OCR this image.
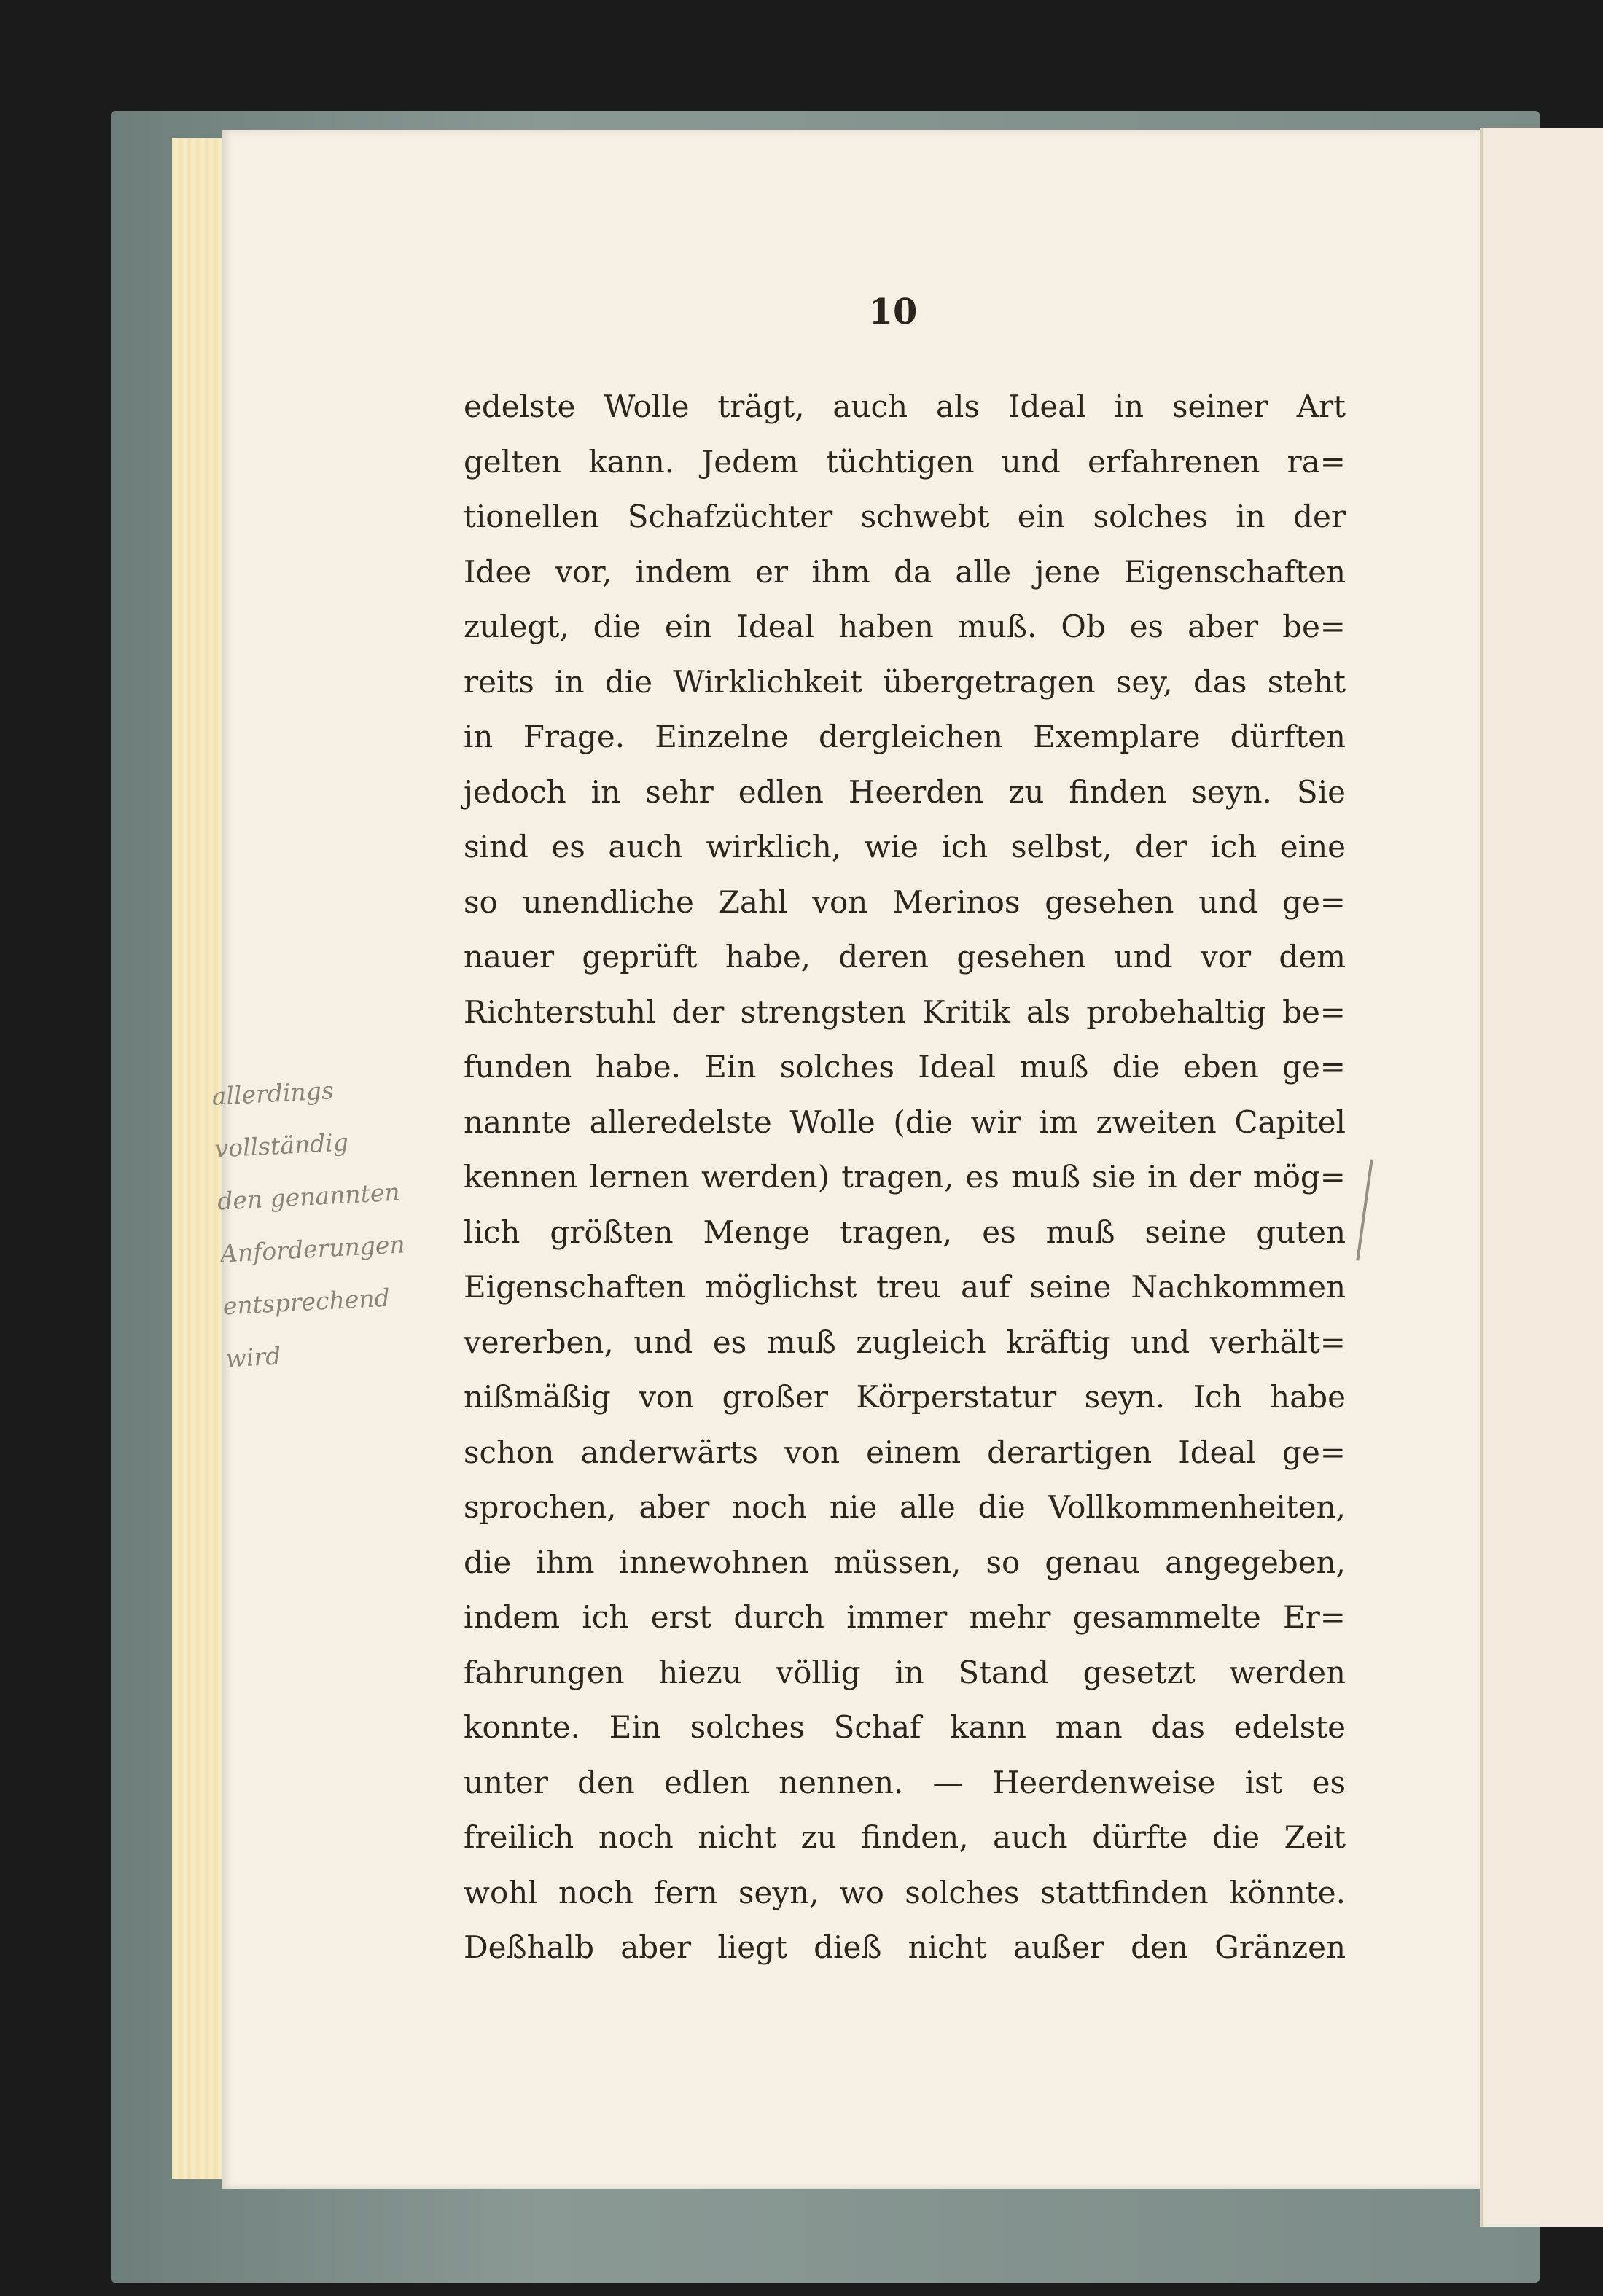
10
edelste Wolle trägt, auch als Ideal in seiner Art
gelten kann. Jedem tüchtigen und erfahrenen ra=
tionellen Schafzüchter schwebt ein solches in der
Idee vor, indem er ihm da alle jene Eigenschaften
zulegt, die ein Ideal haben muß. Ob es aber be=
reits in die Wirklichkeit übergetragen sey, das steht
in Frage. Einzelne dergleichen Exemplare dürften
jedoch in sehr edlen Heerden zu finden seyn. Sie
sind es auch wirklich, wie ich selbst, der ich eine
so unendliche Zahl von Merinos gesehen und ge=
nauer geprüft habe, deren gesehen und vor dem
Richterstuhl der strengsten Kritik als probehaltig be=
funden habe. Ein solches Ideal muß die eben ge=
nannte alleredelste Wolle (die wir im zweiten Capitel
kennen lernen werden) tragen, es muß sie in der mög=
lich größten Menge tragen, es muß seine guten
Eigenschaften möglichst treu auf seine Nachkommen
vererben, und es muß zugleich kräftig und verhält=
nißmäßig von großer Körperstatur seyn. Ich habe
schon anderwärts von einem derartigen Ideal ge=
sprochen, aber noch nie alle die Vollkommenheiten,
die ihm innewohnen müssen, so genau angegeben,
indem ich erst durch immer mehr gesammelte Er=
fahrungen hiezu völlig in Stand gesetzt werden
konnte. Ein solches Schaf kann man das edelste
unter den edlen nennen. — Heerdenweise ist es
freilich noch nicht zu finden, auch dürfte die Zeit
wohl noch fern seyn, wo solches stattfinden könnte.
Deßhalb aber liegt dieß nicht außer den Gränzen
allerdings
vollständig
den genannten
Anforderungen
entsprechend
wird
